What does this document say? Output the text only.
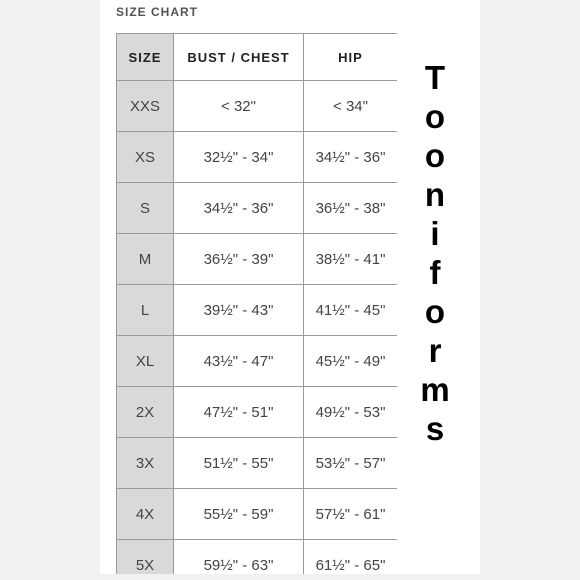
SIZE CHART
SIZE	BUST / CHEST	HIP
XXS	< 32"	< 34"
XS	32½" - 34"	34½" - 36"
S	34½" - 36"	36½" - 38"
M	36½" - 39"	38½" - 41"
L	39½" - 43"	41½" - 45"
XL	43½" - 47"	45½" - 49"
2X	47½" - 51"	49½" - 53"
3X	51½" - 55"	53½" - 57"
4X	55½" - 59"	57½" - 61"
5X	59½" - 63"	61½" - 65"
T
o
o
n
i
f
o
r
m
s
